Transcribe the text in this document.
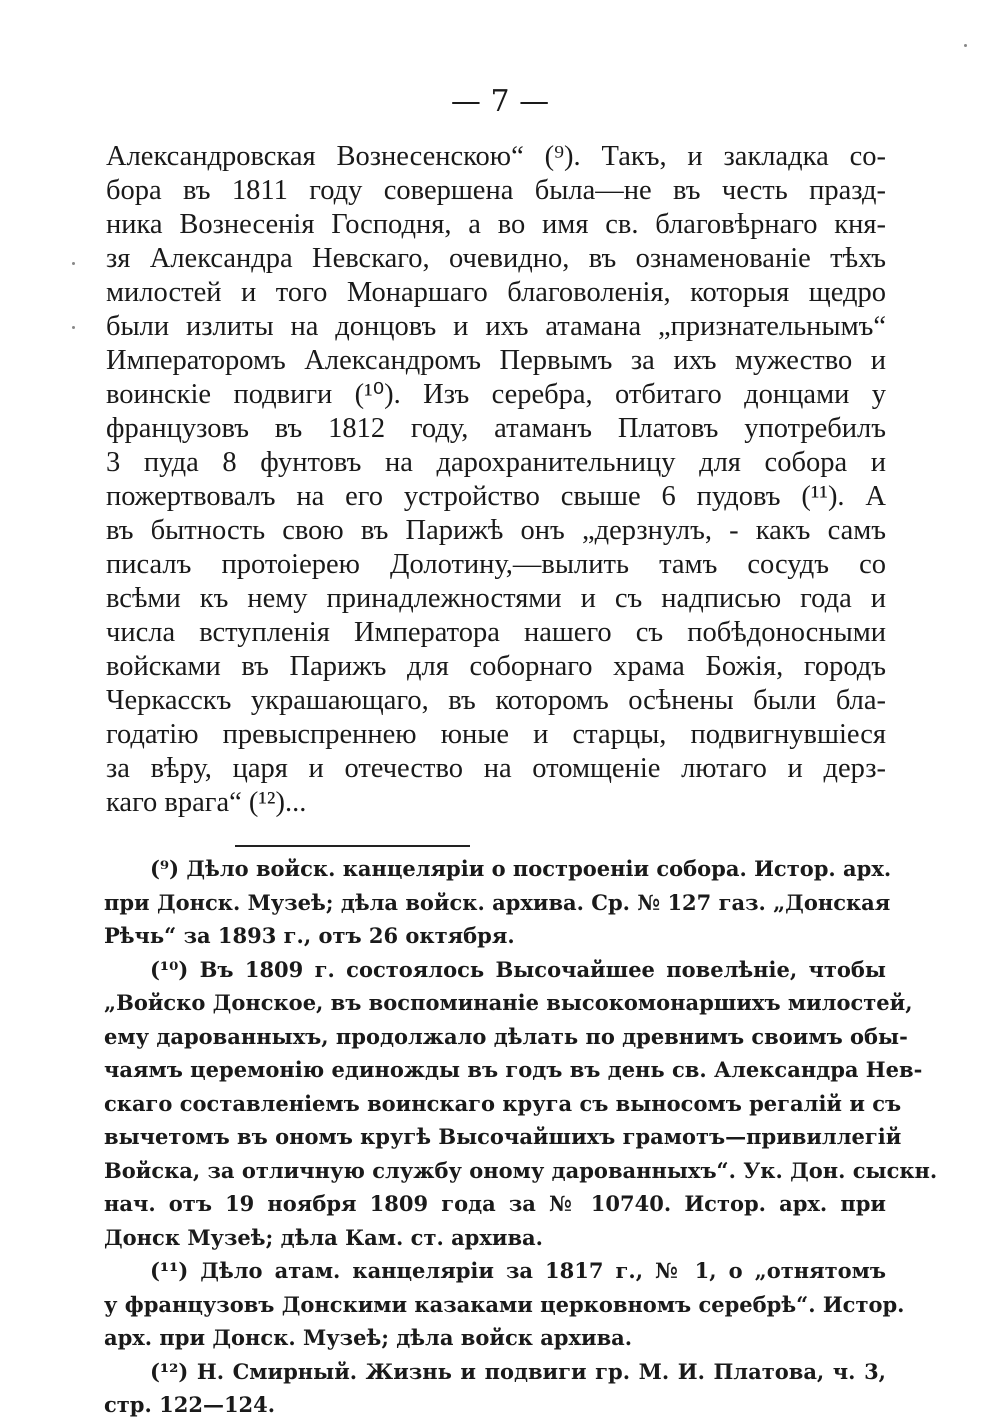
— 7 —
Александровская Вознесенскою“ (⁹). Такъ, и закладка со-
бора въ 1811 году совершена была—не въ честь празд-
ника Вознесенія Господня, а во имя св. благовѣрнаго кня-
зя Александра Невскаго, очевидно, въ ознаменованіе тѣхъ
милостей и того Монаршаго благоволенія, которыя щедро
были излиты на донцовъ и ихъ атамана „признательнымъ“
Императоромъ Александромъ Первымъ за ихъ мужество и
воинскіе подвиги (¹⁰). Изъ серебра, отбитаго донцами у
французовъ въ 1812 году, атаманъ Платовъ употребилъ
3 пуда 8 фунтовъ на дарохранительницу для собора и
пожертвовалъ на его устройство свыше 6 пудовъ (¹¹). А
въ бытность свою въ Парижѣ онъ „дерзнулъ, - какъ самъ
писалъ протоіерею Долотину,—вылить тамъ сосудъ со
всѣми къ нему принадлежностями и съ надписью года и
числа вступленія Императора нашего съ побѣдоносными
войсками въ Парижъ для соборнаго храма Божія, городъ
Черкасскъ украшающаго, въ которомъ осѣнены были бла-
годатію превыспреннею юные и старцы, подвигнувшіеся
за вѣру, царя и отечество на отомщеніе лютаго и дерз-
каго врага“ (¹²)...
(⁹) Дѣло войск. канцеляріи о построеніи собора. Истор. арх.
при Донск. Музеѣ; дѣла войск. архива. Ср. № 127 газ. „Донская
Рѣчь“ за 1893 г., отъ 26 октября.
(¹⁰) Въ 1809 г. состоялось Высочайшее повелѣніе, чтобы
„Войско Донское, въ воспоминаніе высокомонаршихъ милостей,
ему дарованныхъ, продолжало дѣлать по древнимъ своимъ обы-
чаямъ церемонію единожды въ годъ въ день св. Александра Нев-
скаго составленіемъ воинскаго круга съ выносомъ регалій и съ
вычетомъ въ ономъ кругѣ Высочайшихъ грамотъ—привиллегій
Войска, за отличную службу оному дарованныхъ“. Ук. Дон. сыскн.
нач. отъ 19 ноября 1809 года за № 10740. Истор. арх. при
Донск Музеѣ; дѣла Кам. ст. архива.
(¹¹) Дѣло атам. канцеляріи за 1817 г., № 1, о „отнятомъ
у французовъ Донскими казаками церковномъ серебрѣ“. Истор.
арх. при Донск. Музеѣ; дѣла войск архива.
(¹²) Н. Смирный. Жизнь и подвиги гр. М. И. Платова, ч. 3,
стр. 122—124.
